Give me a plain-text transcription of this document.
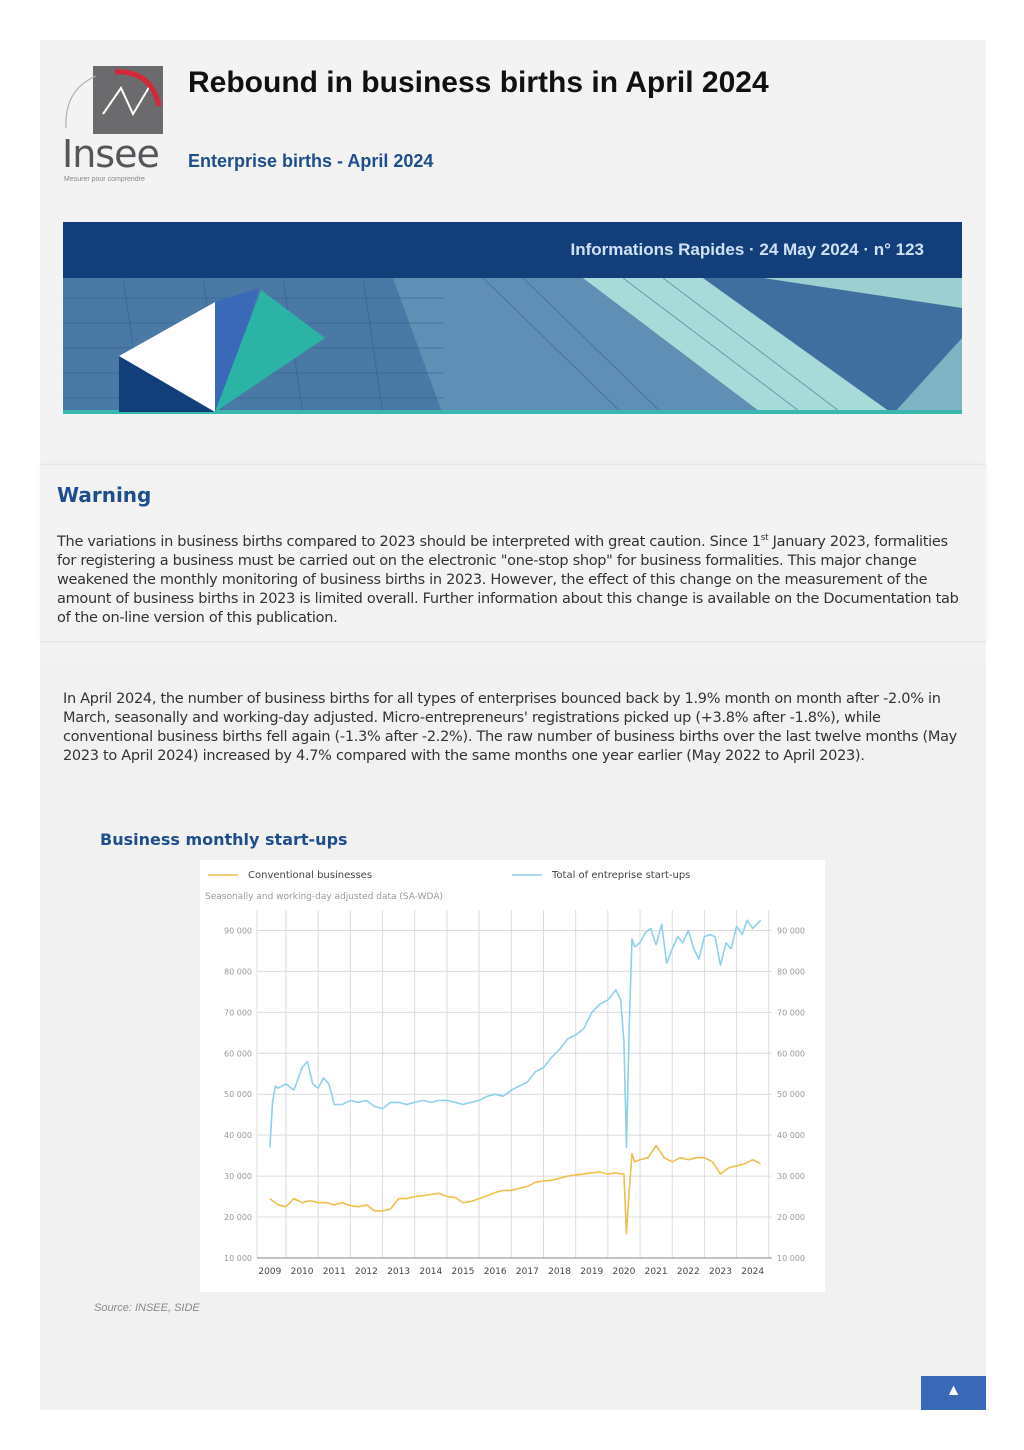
Insee
Mesurer pour comprendre
Rebound in business births in April 2024
Enterprise births - April 2024
Informations Rapides · 24 May 2024 · n° 123
Warning
The variations in business births compared to 2023 should be interpreted with great caution. Since 1st January 2023, formalities for registering a business must be carried out on the electronic "one-stop shop" for business formalities. This major change weakened the monthly monitoring of business births in 2023. However, the effect of this change on the measurement of the amount of business births in 2023 is limited overall. Further information about this change is available on the Documentation tab of the on-line version of this publication.
In April 2024, the number of business births for all types of enterprises bounced back by 1.9% month on month after -2.0% in March, seasonally and working-day adjusted. Micro-entrepreneurs' registrations picked up (+3.8% after -1.8%), while conventional business births fell again (-1.3% after -2.2%). The raw number of business births over the last twelve months (May 2023 to April 2024) increased by 4.7% compared with the same months one year earlier (May 2022 to April 2023).
Business monthly start-ups
Seasonally and working-day adjusted data (SA-WDA)
Conventional businesses	Total of entreprise start-ups
10 000	10 000
20 000	20 000
30 000	30 000
40 000	40 000
50 000	50 000
60 000	60 000
70 000	70 000
80 000	80 000
90 000	90 000
2009 2010 2011 2012 2013 2014 2015 2016 2017 2018 2019 2020 2021 2022 2023 2024
Source: INSEE, SIDE
▲
